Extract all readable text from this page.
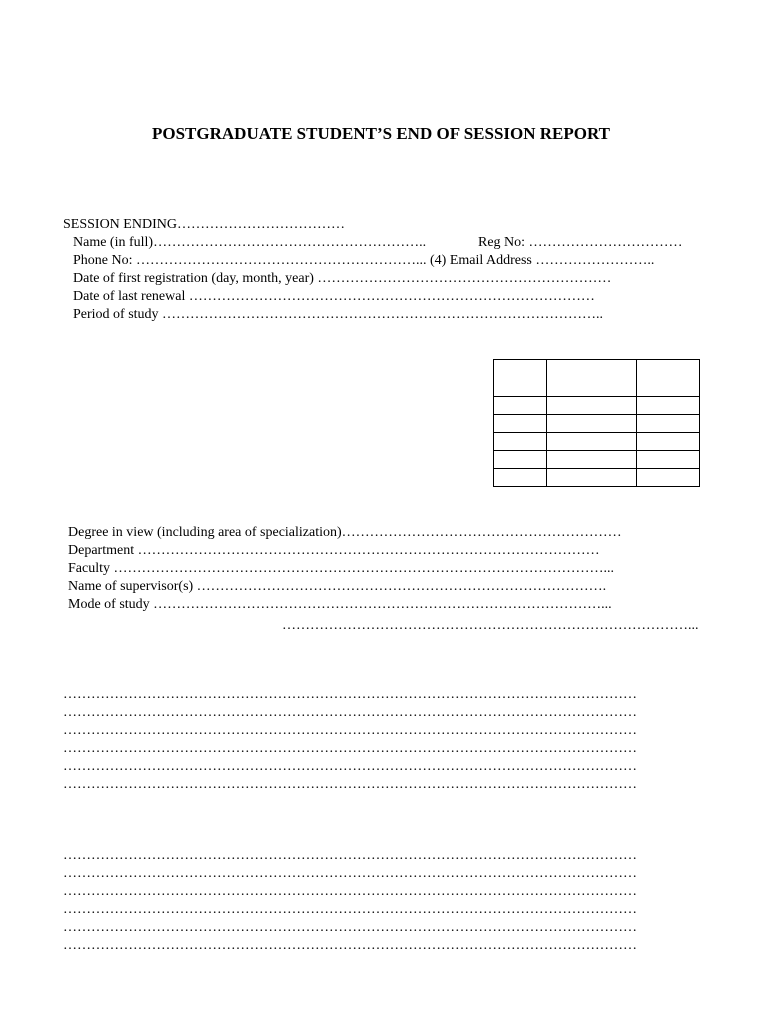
POSTGRADUATE STUDENT’S END OF SESSION REPORT
SESSION ENDING………………………………
Name (in full)…………………………………………………..	Reg No: ……………………………
Phone No: ……………………………………………………... (4) Email Address ……………………..
Date of first registration (day, month, year) ………………………………………………………
Date of last renewal ……………………………………………………………………………
Period of study …………………………………………………………………………………..

Degree in view (including area of specialization)……………………………………………………
Department ………………………………………………………………………………………
Faculty ……………………………………………………………………………………………...
Name of supervisor(s) …………………………………………………………………………….
Mode of study ……………………………………………………………………………………...
……………………………………………………………………………...
……………………………………………………………………………………………………………
……………………………………………………………………………………………………………
……………………………………………………………………………………………………………
……………………………………………………………………………………………………………
……………………………………………………………………………………………………………
……………………………………………………………………………………………………………
……………………………………………………………………………………………………………
……………………………………………………………………………………………………………
……………………………………………………………………………………………………………
……………………………………………………………………………………………………………
……………………………………………………………………………………………………………
……………………………………………………………………………………………………………
